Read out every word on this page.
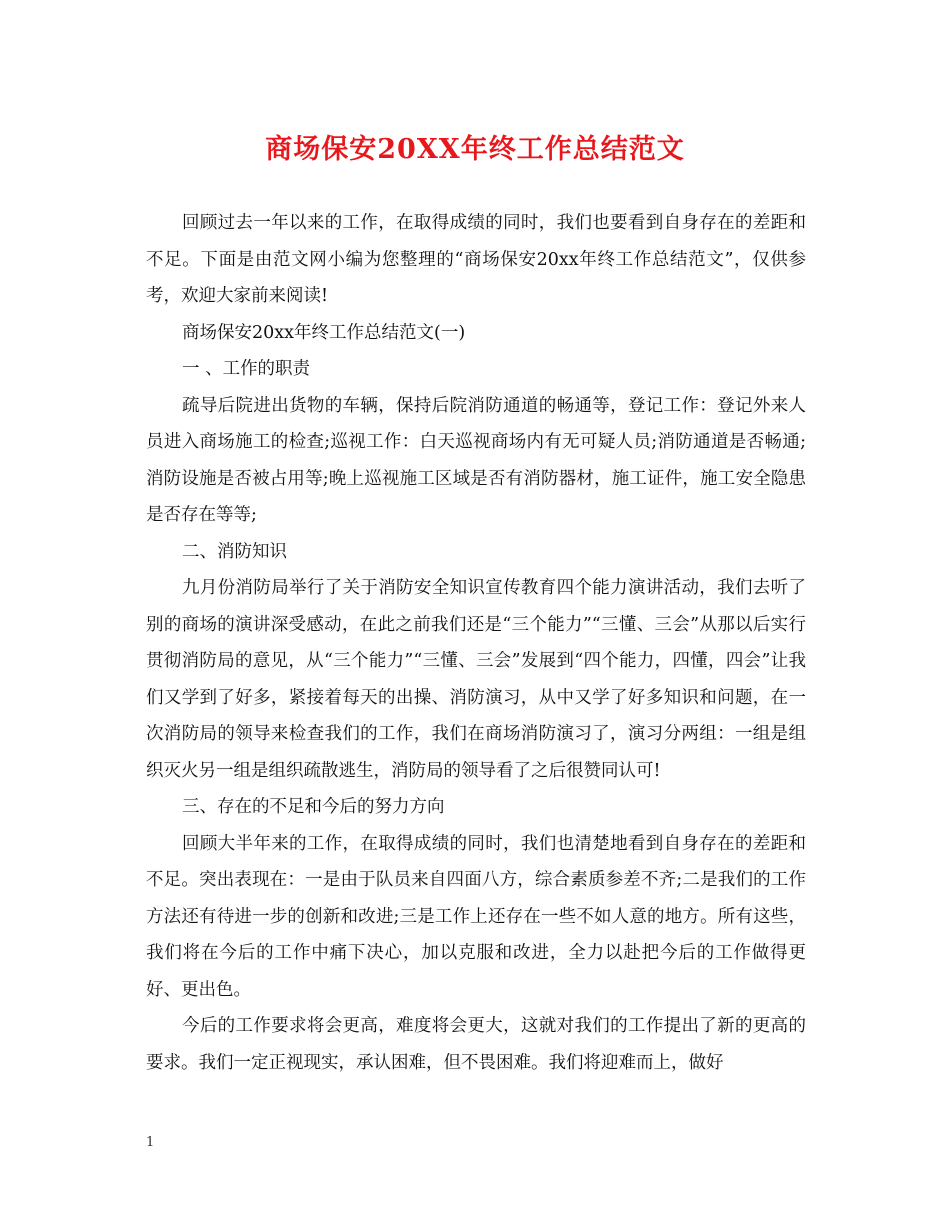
商场保安20XX年终工作总结范文

回顾过去一年以来的工作，在取得成绩的同时，我们也要看到自身存在的差距和不足。下面是由范文网小编为您整理的“商场保安20xx年终工作总结范文”，仅供参考，欢迎大家前来阅读!

商场保安20xx年终工作总结范文(一)

一 、工作的职责

疏导后院进出货物的车辆，保持后院消防通道的畅通等，登记工作：登记外来人员进入商场施工的检查;巡视工作：白天巡视商场内有无可疑人员;消防通道是否畅通;消防设施是否被占用等;晚上巡视施工区域是否有消防器材，施工证件，施工安全隐患是否存在等等;

二、消防知识

九月份消防局举行了关于消防安全知识宣传教育四个能力演讲活动，我们去听了别的商场的演讲深受感动，在此之前我们还是“三个能力”“三懂、三会”从那以后实行贯彻消防局的意见，从“三个能力”“三懂、三会”发展到“四个能力，四懂，四会”让我们又学到了好多，紧接着每天的出操、消防演习，从中又学了好多知识和问题，在一次消防局的领导来检查我们的工作，我们在商场消防演习了，演习分两组：一组是组织灭火另一组是组织疏散逃生，消防局的领导看了之后很赞同认可!

三、存在的不足和今后的努力方向

回顾大半年来的工作，在取得成绩的同时，我们也清楚地看到自身存在的差距和不足。突出表现在：一是由于队员来自四面八方，综合素质参差不齐;二是我们的工作方法还有待进一步的创新和改进;三是工作上还存在一些不如人意的地方。所有这些，我们将在今后的工作中痛下决心，加以克服和改进，全力以赴把今后的工作做得更好、更出色。

今后的工作要求将会更高，难度将会更大，这就对我们的工作提出了新的更高的要求。我们一定正视现实，承认困难，但不畏困难。我们将迎难而上，做好

1
